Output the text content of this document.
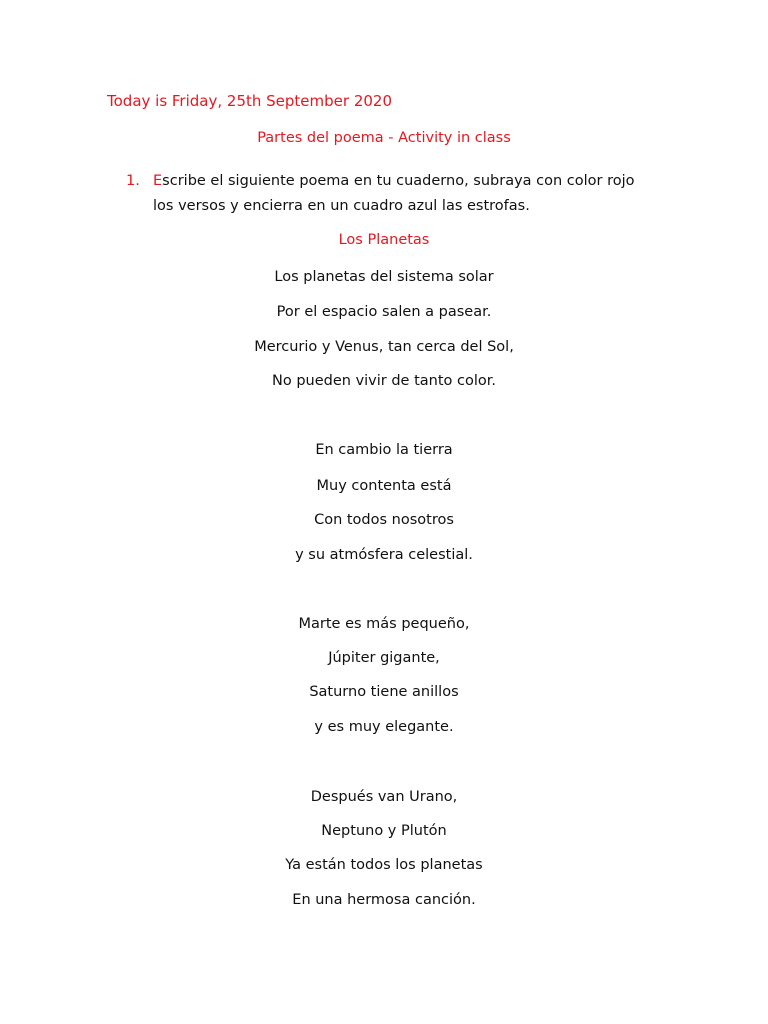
Today is Friday, 25th September 2020
Partes del poema - Activity in class
1. Escribe el siguiente poema en tu cuaderno, subraya con color rojo los versos y encierra en un cuadro azul las estrofas.
Los Planetas
Los planetas del sistema solar
Por el espacio salen a pasear.
Mercurio y Venus, tan cerca del Sol,
No pueden vivir de tanto color.
En cambio la tierra
Muy contenta está
Con todos nosotros
y su atmósfera celestial.
Marte es más pequeño,
Júpiter gigante,
Saturno tiene anillos
y es muy elegante.
Después van Urano,
Neptuno y Plutón
Ya están todos los planetas
En una hermosa canción.
